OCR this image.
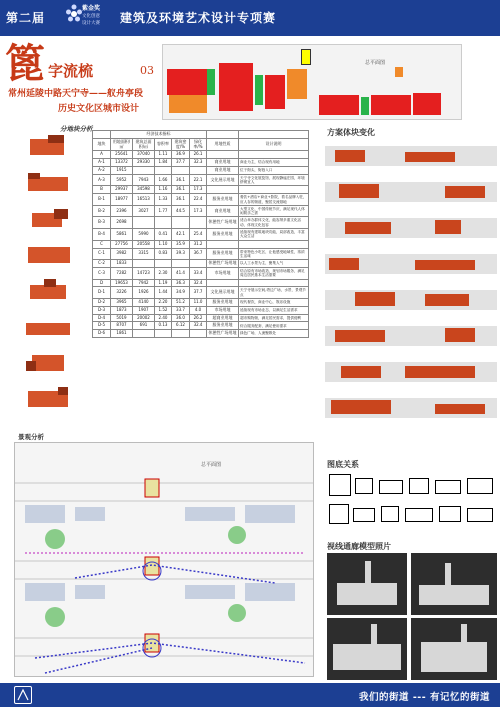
第二届
紫金奖
文化创意
设计大赛 建筑及环境艺术设计专项赛
篦 字流梳	03
常州延陵中路天宁寺——舣舟亭段
历史文化区城市设计
总平面图
分地块分析
	经济技术指标						
地块	用地面积/㎡	建筑总面积/㎡	容积率	建筑密度/%	绿化率/%	用地性质	设计说明
A	25641	37040	1.11	36.9	26.1		
A-1	13372	29330	1.84	37.7	32.3	商业用地	商业为主，结合现有用地
A-2	1915					商业用地	位于街头，街巷入口
A-3	5952	7943	1.66	36.1	22.1	文化展示用地	天宁寺文化展览馆，展现静谧庄园，环境舒缓宜人
B	29937	34598	1.16	36.1	17.3		
B-1	18977	16513	1.33	36.1	22.4	服务业用地	餐饮+酒店+商业+影院，着名品牌入驻，应人存的街道，聚居交流基地
B-2	2396	3027	1.77	44.5	17.3	商业用地	大型文化、中国传统节庆，满足现代人休闲娱乐之需
B-3	2698					休憩性广场用地	适合举办群体文化，能容纳多重文化活动，体现文化包容
B-4	5861	5990	0.41	42.1	25.4	服务业用地	延续现有建筑地块功能，局部改造，丰富大众生活
C	27756	20558	1.10	35.9	31.2		
C-1	3982	3315	0.83	39.3	36.7	服务业用地	带来特色小吃区，让他感受地域性，浓浓生活味
C-2	1833					休憩性广场用地	以人工水景为主，聚集人气
C-3	7282	14723	2.30	41.4	33.4	市场用地	结合原有市场改造，规划市场服务，满足周边居民基本生活需要
D	19653	7942	1.19	36.3	32.4		
D-1	3226	1926	1.44	34.9	37.7	文化展示用地	天宁寺展示空间,塔边广场，水景，景观节点
D-2	3965	4140	2.20	51.2	11.0	服务业用地	现代餐饮，商业中心，娱乐设施
D-3	1873	1907	1.52	33.7	4.0	市场用地	延续现有市场业态，以满足生活需求
D-4	5019	20002	2.40	36.0	26.2	超商业用地	超市购物街，满足居民需求，提供便利
D-5	8707	691	0.13	6.12	32.4	服务业用地	综合服务配套，满足使用需求
D-6	1861					休憩性广场用地	绿色广场，人流聚散处
方案体块变化
图底关系
视线通廊模型照片
景观分析
总平面图
我们的街道 --- 有记忆的街道
